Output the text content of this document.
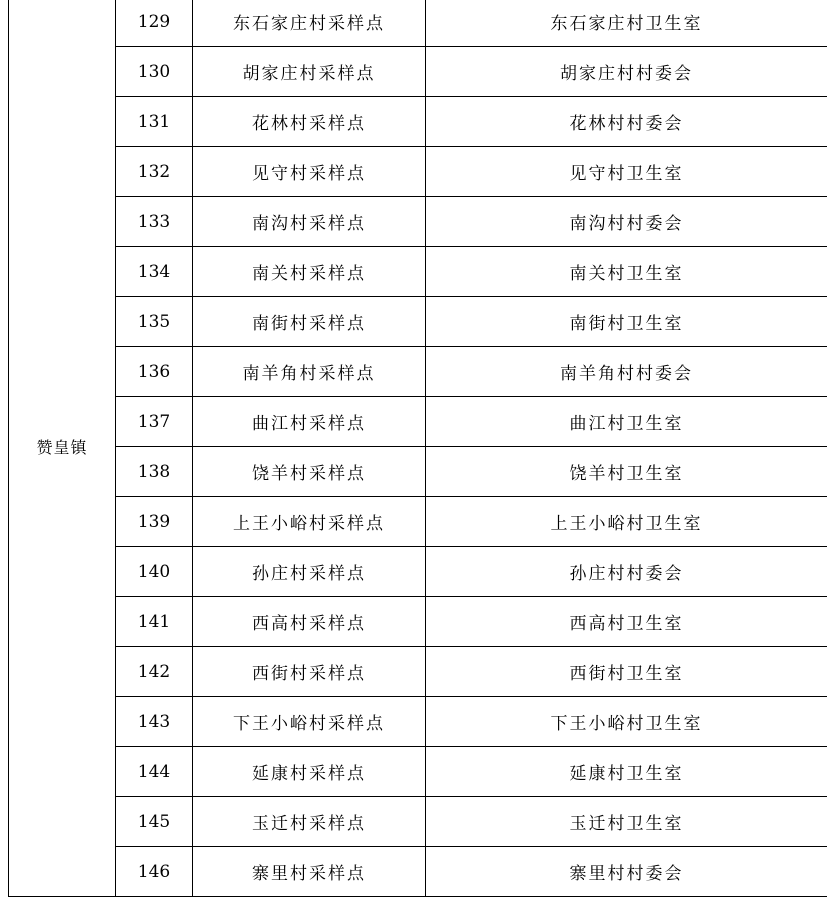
赞皇镇	129	东石家庄村采样点	东石家庄村卫生室
	130	胡家庄村采样点	胡家庄村村委会
	131	花林村采样点	花林村村委会
	132	见守村采样点	见守村卫生室
	133	南沟村采样点	南沟村村委会
	134	南关村采样点	南关村卫生室
	135	南街村采样点	南街村卫生室
	136	南羊角村采样点	南羊角村村委会
	137	曲江村采样点	曲江村卫生室
	138	饶羊村采样点	饶羊村卫生室
	139	上王小峪村采样点	上王小峪村卫生室
	140	孙庄村采样点	孙庄村村委会
	141	西高村采样点	西高村卫生室
	142	西街村采样点	西街村卫生室
	143	下王小峪村采样点	下王小峪村卫生室
	144	延康村采样点	延康村卫生室
	145	玉迁村采样点	玉迁村卫生室
	146	寨里村采样点	寨里村村委会
